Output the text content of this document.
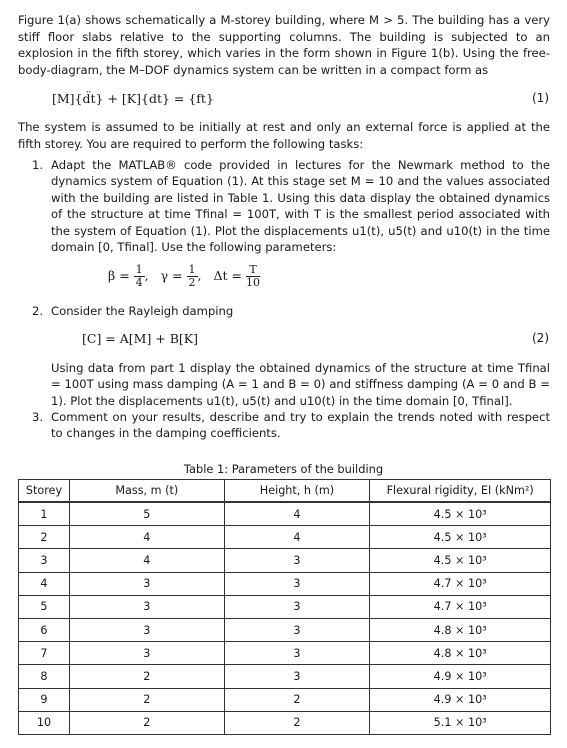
Figure 1(a) shows schematically a M-storey building, where M > 5. The building has a very stiff floor slabs relative to the supporting columns. The building is subjected to an explosion in the fifth storey, which varies in the form shown in Figure 1(b). Using the free-body-diagram, the M–DOF dynamics system can be written in a compact form as

[M]{d̈t} + [K]{dt} = {ft}	(1)

The system is assumed to be initially at rest and only an external force is applied at the fifth storey. You are required to perform the following tasks:

1. Adapt the MATLAB® code provided in lectures for the Newmark method to the dynamics system of Equation (1). At this stage set M = 10 and the values associated with the building are listed in Table 1. Using this data display the obtained dynamics of the structure at time Tfinal = 100T, with T is the smallest period associated with the system of Equation (1). Plot the displacements u1(t), u5(t) and u10(t) in the time domain [0, Tfinal]. Use the following parameters:
$\beta = \frac{1}{4}$ , $\gamma = \frac{1}{2}$ , $\Delta t = \frac{T}{10}$
2. Consider the Rayleigh damping
[C] = A[M] + B[K]	(2)
Using data from part 1 display the obtained dynamics of the structure at time Tfinal = 100T using mass damping (A = 1 and B = 0) and stiffness damping (A = 0 and B = 1). Plot the displacements u1(t), u5(t) and u10(t) in the time domain [0, Tfinal].
3. Comment on your results, describe and try to explain the trends noted with respect to changes in the damping coefficients.
Table 1: Parameters of the building
Storey	Mass, m (t)	Height, h (m)	Flexural rigidity, EI (kNm²)
1	5	4	4.5 × 10³
2	4	4	4.5 × 10³
3	4	3	4.5 × 10³
4	3	3	4.7 × 10³
5	3	3	4.7 × 10³
6	3	3	4.8 × 10³
7	3	3	4.8 × 10³
8	2	3	4.9 × 10³
9	2	2	4.9 × 10³
10	2	2	5.1 × 10³
